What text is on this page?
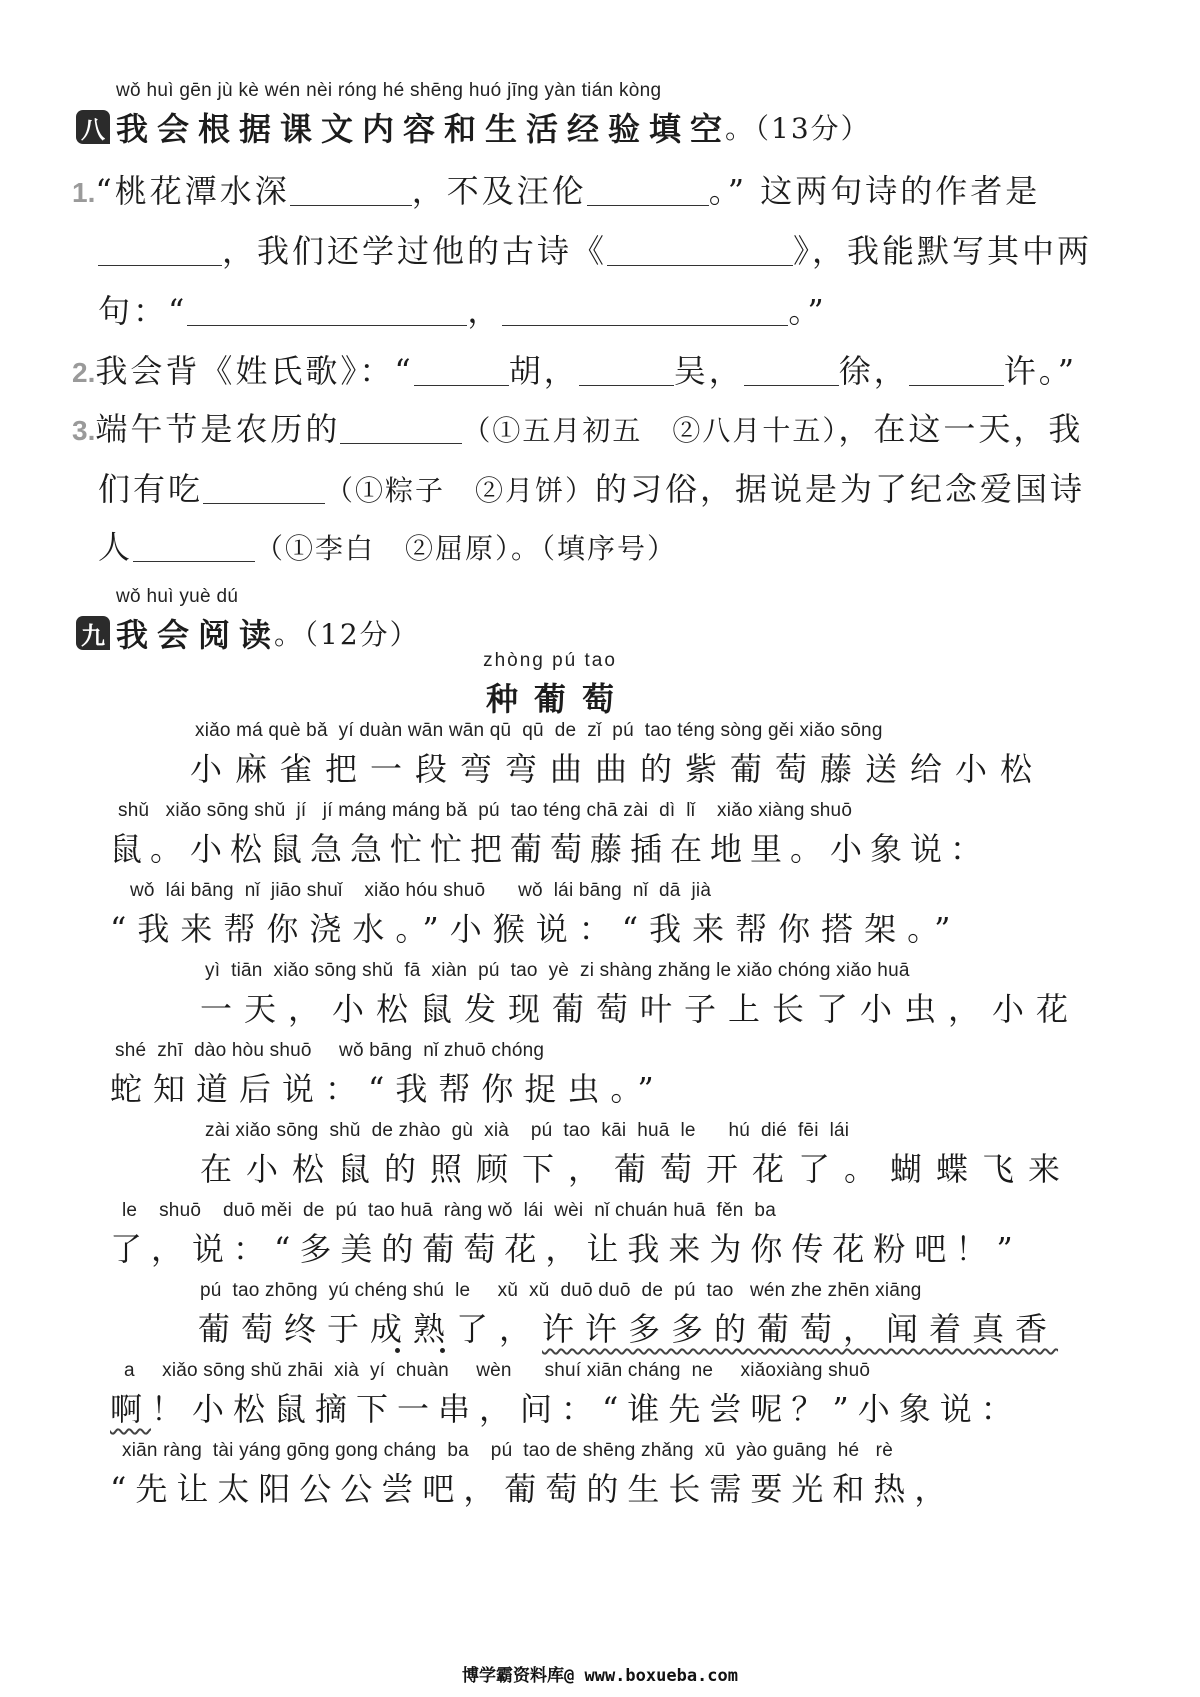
wǒ huì gēn jù kè wén nèi róng hé shēng huó jīng yàn tián kòng
八 我会根据课文内容和生活经验填空
。（13分）
1.“桃花潭水深	，不及汪伦	。” 这两句诗的作者是
，我们还学过他的古诗《	》，我能默写其中两
句：“	，	。”
2.我会背《姓氏歌》：“	胡，	吴，	徐，	许。”
3.端午节是农历的	（①五月初五　②八月十五），在这一天，我
们有吃	（①粽子　②月饼）的习俗，据说是为了纪念爱国诗
人	（①李白　②屈原）。（填序号）
wǒ huì yuè dú
九 我会阅读
。（12分）
zhòng pú tao
种葡萄
xiǎo má què bǎ  yí duàn wān wān qū  qū  de  zǐ  pú  tao téng sòng gěi xiǎo sōng
小麻雀把一段弯弯曲曲的紫葡萄藤送给小松
shǔ   xiǎo sōng shǔ  jí   jí máng máng bǎ  pú  tao téng chā zài  dì  lǐ    xiǎo xiàng shuō
鼠。小松鼠急急忙忙把葡萄藤插在地里。小象说：
wǒ  lái bāng  nǐ  jiāo shuǐ    xiǎo hóu shuō      wǒ  lái bāng  nǐ  dā  jià
“我来帮你浇水。”小猴说：“我来帮你搭架。”
yì  tiān  xiǎo sōng shǔ  fā  xiàn  pú  tao  yè  zi shàng zhǎng le xiǎo chóng xiǎo huā
一天，小松鼠发现葡萄叶子上长了小虫，小花
shé  zhī  dào hòu shuō     wǒ bāng  nǐ zhuō chóng
蛇知道后说：“我帮你捉虫。”
zài xiǎo sōng  shǔ  de zhào  gù  xià    pú  tao  kāi  huā  le      hú  dié  fēi  lái
在小松鼠的照顾下，葡萄开花了。蝴蝶飞来
le    shuō    duō měi  de  pú  tao huā  ràng wǒ  lái  wèi  nǐ chuán huā  fěn  ba
了，说：“多美的葡萄花，让我来为你传花粉吧！”
pú  tao zhōng  yú chéng shú  le     xǔ  xǔ  duō duō  de  pú  tao   wén zhe zhēn xiāng
葡萄终于成熟了，许许多多的葡萄，闻着真香
a     xiǎo sōng shǔ zhāi  xià  yí  chuàn     wèn      shuí xiān cháng  ne     xiǎoxiàng shuō
啊！小松鼠摘下一串，问：“谁先尝呢？”小象说：
xiān ràng  tài yáng gōng gong cháng  ba    pú  tao de shēng zhǎng  xū  yào guāng  hé   rè
“先让太阳公公尝吧，葡萄的生长需要光和热，
博学霸资料库@ www.boxueba.com
